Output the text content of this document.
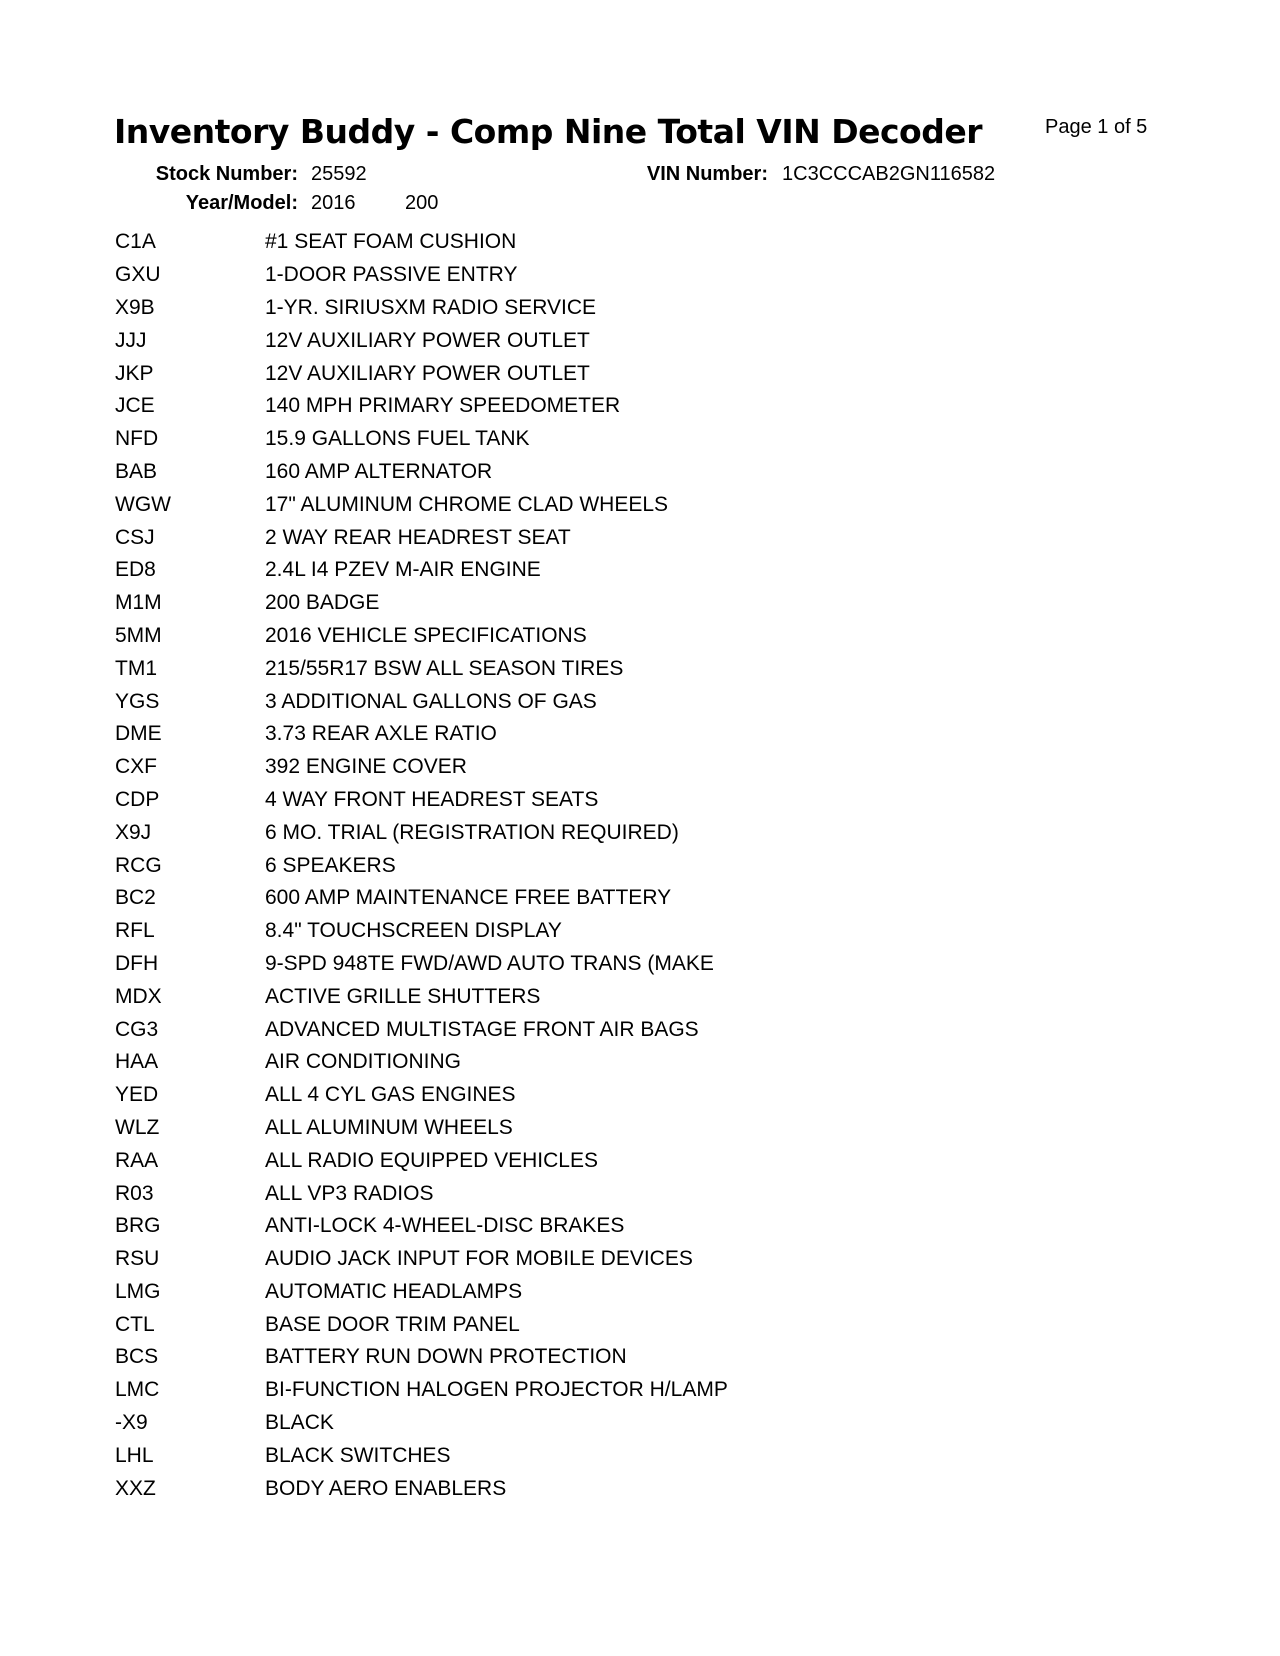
Inventory Buddy - Comp Nine Total VIN Decoder	Page 1 of 5
Stock Number: 25592
Year/Model: 2016 200
VIN Number: 1C3CCCAB2GN116582
C1A	#1 SEAT FOAM CUSHION
GXU	1-DOOR PASSIVE ENTRY
X9B	1-YR. SIRIUSXM RADIO SERVICE
JJJ	12V AUXILIARY POWER OUTLET
JKP	12V AUXILIARY POWER OUTLET
JCE	140 MPH PRIMARY SPEEDOMETER
NFD	15.9 GALLONS FUEL TANK
BAB	160 AMP ALTERNATOR
WGW	17" ALUMINUM CHROME CLAD WHEELS
CSJ	2 WAY REAR HEADREST SEAT
ED8	2.4L I4 PZEV M-AIR ENGINE
M1M	200 BADGE
5MM	2016 VEHICLE SPECIFICATIONS
TM1	215/55R17 BSW ALL SEASON TIRES
YGS	3 ADDITIONAL GALLONS OF GAS
DME	3.73 REAR AXLE RATIO
CXF	392 ENGINE COVER
CDP	4 WAY FRONT HEADREST SEATS
X9J	6 MO. TRIAL (REGISTRATION REQUIRED)
RCG	6 SPEAKERS
BC2	600 AMP MAINTENANCE FREE BATTERY
RFL	8.4" TOUCHSCREEN DISPLAY
DFH	9-SPD 948TE FWD/AWD AUTO TRANS (MAKE
MDX	ACTIVE GRILLE SHUTTERS
CG3	ADVANCED MULTISTAGE FRONT AIR BAGS
HAA	AIR CONDITIONING
YED	ALL 4 CYL GAS ENGINES
WLZ	ALL ALUMINUM WHEELS
RAA	ALL RADIO EQUIPPED VEHICLES
R03	ALL VP3 RADIOS
BRG	ANTI-LOCK 4-WHEEL-DISC BRAKES
RSU	AUDIO JACK INPUT FOR MOBILE DEVICES
LMG	AUTOMATIC HEADLAMPS
CTL	BASE DOOR TRIM PANEL
BCS	BATTERY RUN DOWN PROTECTION
LMC	BI-FUNCTION HALOGEN PROJECTOR H/LAMP
-X9	BLACK
LHL	BLACK SWITCHES
XXZ	BODY AERO ENABLERS
